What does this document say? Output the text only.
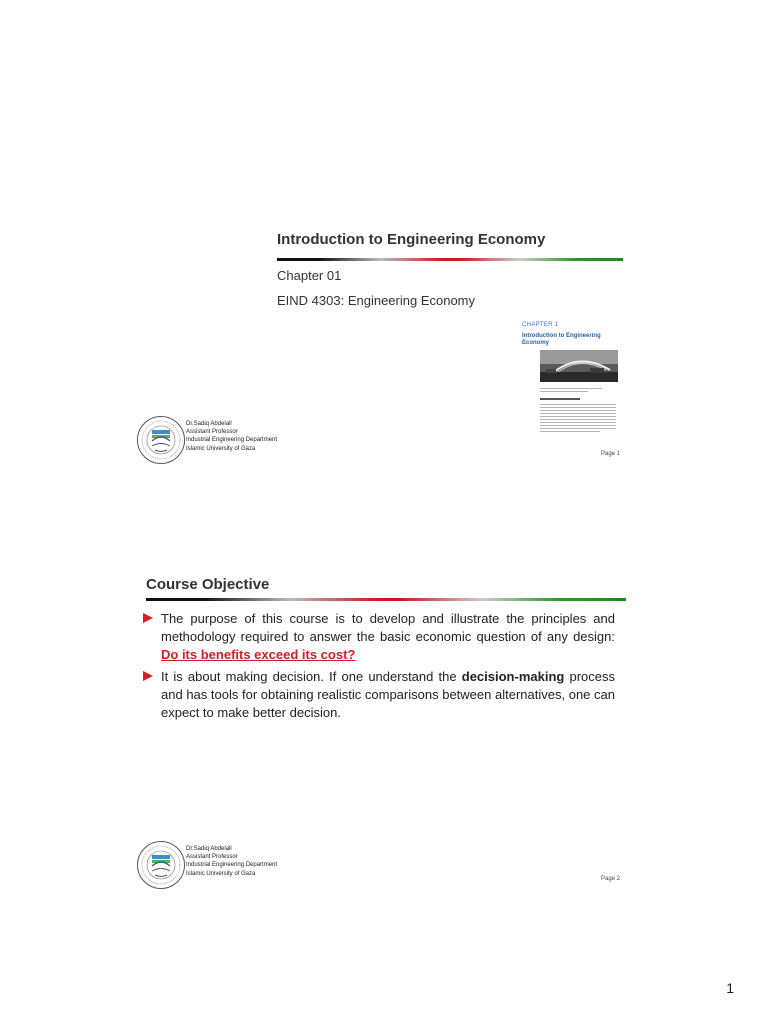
Introduction to Engineering Economy
Chapter 01
EIND 4303: Engineering Economy
CHAPTER 1
Introduction to Engineering Economy
Dr.Sadiq Abdelall
Assistant Professor
Industrial Engineering Department
Islamic University of Gaza
Page 1
Course Objective
The purpose of this course is to develop and illustrate the principles and methodology required to answer the basic economic question of any design: Do its benefits exceed its cost?
It is about making decision. If one understand the decision-making process and has tools for obtaining realistic comparisons between alternatives, one can expect to make better decision.
Dr.Sadiq Abdelall
Assistant Professor
Industrial Engineering Department
Islamic University of Gaza
Page 2
1
